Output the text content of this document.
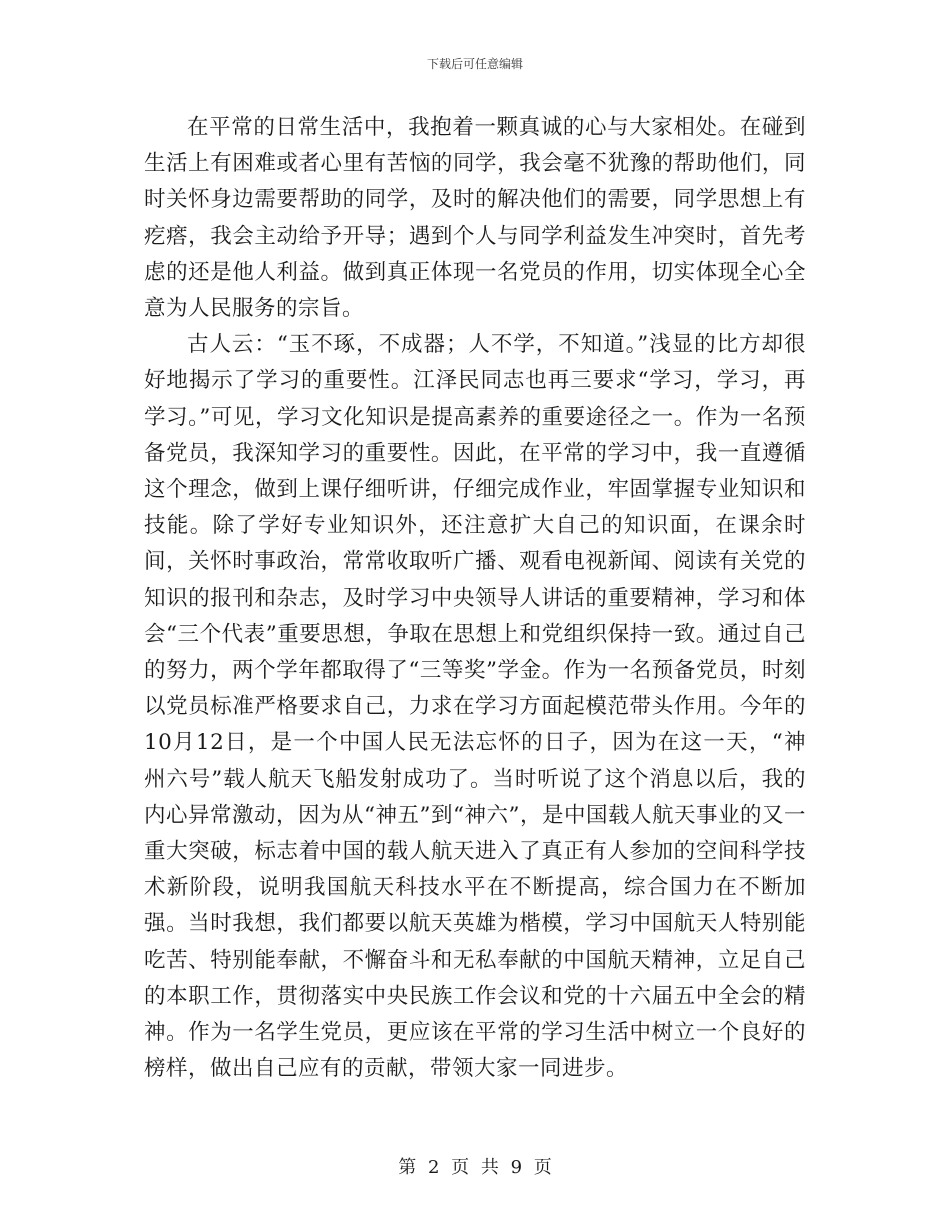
下载后可任意编辑

在平常的日常生活中，我抱着一颗真诚的心与大家相处。在碰到生活上有困难或者心里有苦恼的同学，我会毫不犹豫的帮助他们，同时关怀身边需要帮助的同学，及时的解决他们的需要，同学思想上有疙瘩，我会主动给予开导；遇到个人与同学利益发生冲突时，首先考虑的还是他人利益。做到真正体现一名党员的作用，切实体现全心全意为人民服务的宗旨。

古人云：“玉不琢，不成器；人不学，不知道。”浅显的比方却很好地揭示了学习的重要性。江泽民同志也再三要求“学习，学习，再学习。”可见，学习文化知识是提高素养的重要途径之一。作为一名预备党员，我深知学习的重要性。因此，在平常的学习中，我一直遵循这个理念，做到上课仔细听讲，仔细完成作业，牢固掌握专业知识和技能。除了学好专业知识外，还注意扩大自己的知识面，在课余时间，关怀时事政治，常常收取听广播、观看电视新闻、阅读有关党的知识的报刊和杂志，及时学习中央领导人讲话的重要精神，学习和体会“三个代表”重要思想，争取在思想上和党组织保持一致。通过自己的努力，两个学年都取得了“三等奖”学金。作为一名预备党员，时刻以党员标准严格要求自己，力求在学习方面起模范带头作用。今年的10月12日，是一个中国人民无法忘怀的日子，因为在这一天，“神州六号”载人航天飞船发射成功了。当时听说了这个消息以后，我的内心异常激动，因为从“神五”到“神六”，是中国载人航天事业的又一重大突破，标志着中国的载人航天进入了真正有人参加的空间科学技术新阶段，说明我国航天科技水平在不断提高，综合国力在不断加强。当时我想，我们都要以航天英雄为楷模，学习中国航天人特别能吃苦、特别能奉献，不懈奋斗和无私奉献的中国航天精神，立足自己的本职工作，贯彻落实中央民族工作会议和党的十六届五中全会的精神。作为一名学生党员，更应该在平常的学习生活中树立一个良好的榜样，做出自己应有的贡献，带领大家一同进步。

第 2 页 共 9 页
